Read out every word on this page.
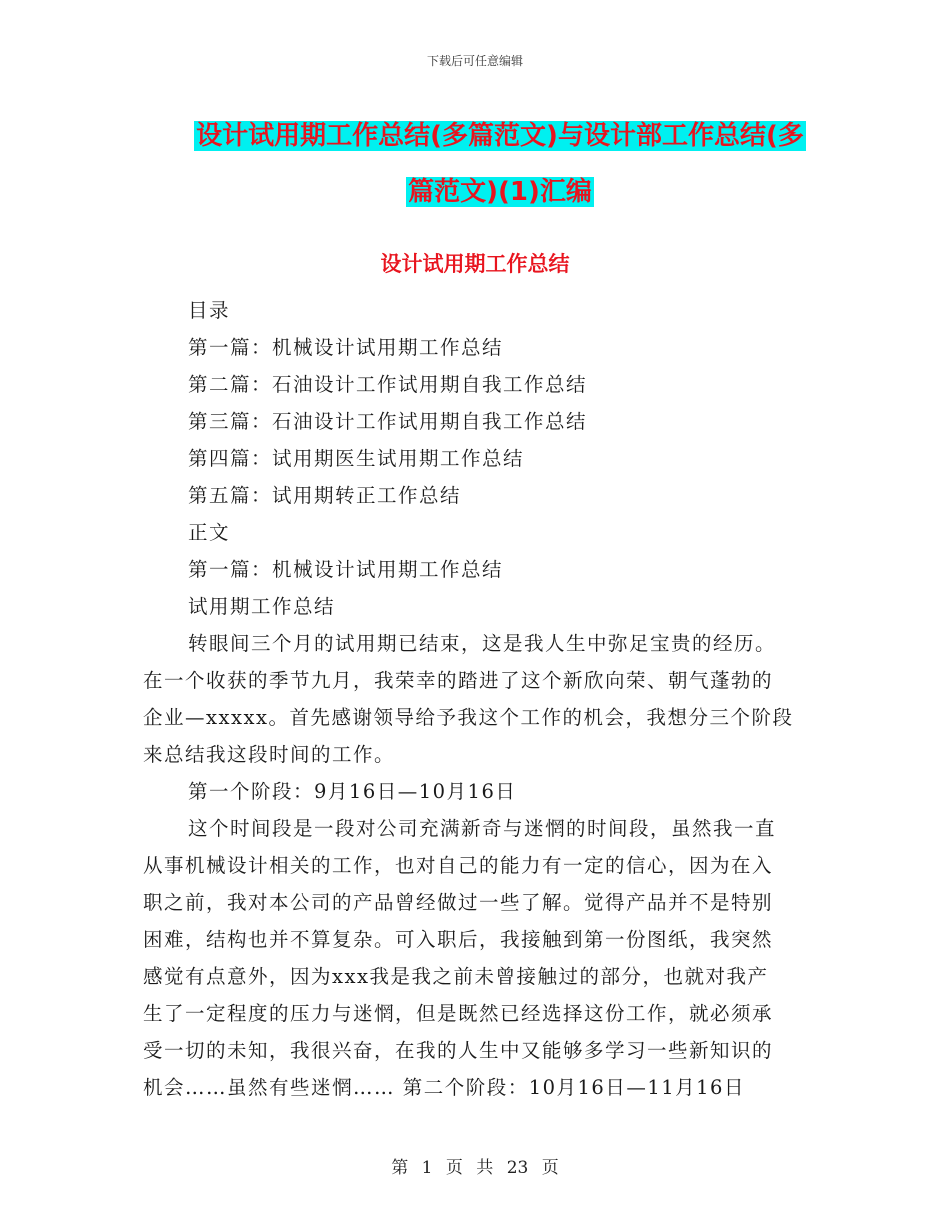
下载后可任意编辑
设计试用期工作总结(多篇范文)与设计部工作总结(多
篇范文)(1)汇编
设计试用期工作总结
目录
第一篇：机械设计试用期工作总结
第二篇：石油设计工作试用期自我工作总结
第三篇：石油设计工作试用期自我工作总结
第四篇：试用期医生试用期工作总结
第五篇：试用期转正工作总结
正文
第一篇：机械设计试用期工作总结
试用期工作总结
转眼间三个月的试用期已结束，这是我人生中弥足宝贵的经历。
在一个收获的季节九月，我荣幸的踏进了这个新欣向荣、朝气蓬勃的
企业—xxxxx。首先感谢领导给予我这个工作的机会，我想分三个阶段
来总结我这段时间的工作。
第一个阶段：9月16日—10月16日
这个时间段是一段对公司充满新奇与迷惘的时间段，虽然我一直
从事机械设计相关的工作，也对自己的能力有一定的信心，因为在入
职之前，我对本公司的产品曾经做过一些了解。觉得产品并不是特别
困难，结构也并不算复杂。可入职后，我接触到第一份图纸，我突然
感觉有点意外，因为xxx我是我之前未曾接触过的部分，也就对我产
生了一定程度的压力与迷惘，但是既然已经选择这份工作，就必须承
受一切的未知，我很兴奋，在我的人生中又能够多学习一些新知识的
机会……虽然有些迷惘…… 第二个阶段：10月16日—11月16日
第 1 页 共 23 页
